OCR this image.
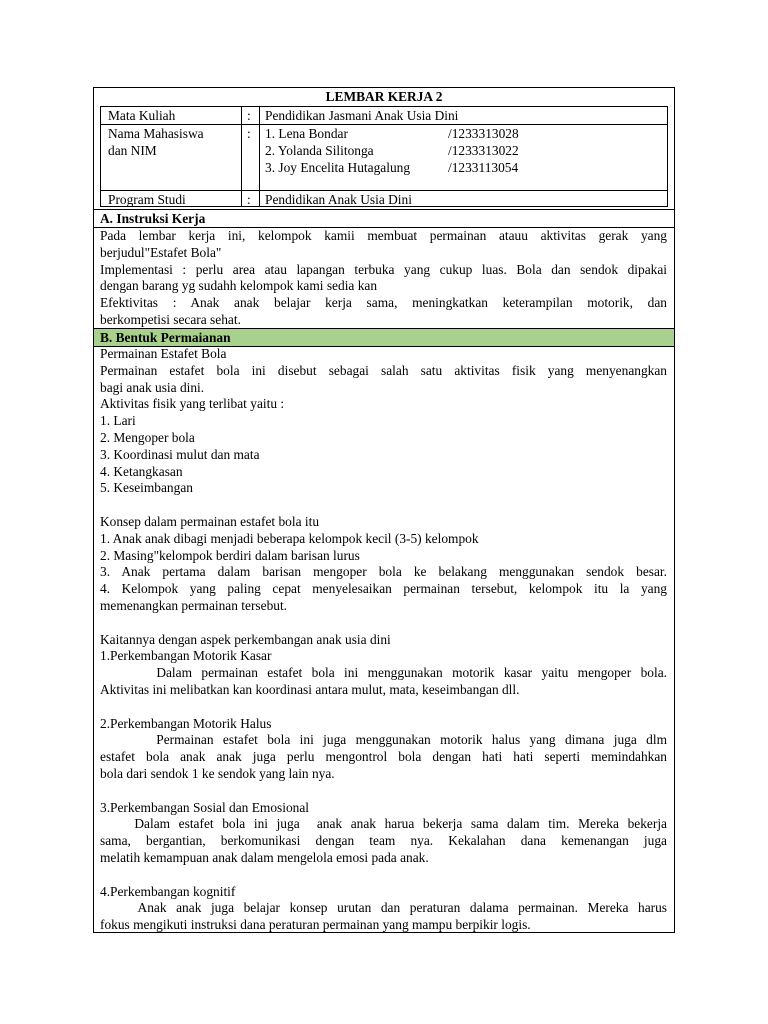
LEMBAR KERJA 2
Mata Kuliah	: Pendidikan Jasmani Anak Usia Dini
Nama Mahasiswa
dan NIM
: 1. Lena Bondar	/1233313028
2. Yolanda Silitonga	/1233313022
3. Joy Encelita Hutagalung	/1233113054
Program Studi	: Pendidikan Anak Usia Dini
A. Instruksi Kerja
Pada lembar kerja ini, kelompok kamii membuat permainan atauu aktivitas gerak yang
berjudul"Estafet Bola"
Implementasi : perlu area atau lapangan terbuka yang cukup luas. Bola dan sendok dipakai
dengan barang yg sudahh kelompok kami sedia kan
Efektivitas : Anak anak belajar kerja sama, meningkatkan keterampilan motorik, dan
berkompetisi secara sehat.
B. Bentuk Permaianan
Permainan Estafet Bola
Permainan estafet bola ini disebut sebagai salah satu aktivitas fisik yang menyenangkan
bagi anak usia dini.
Aktivitas fisik yang terlibat yaitu :
1. Lari
2. Mengoper bola
3. Koordinasi mulut dan mata
4. Ketangkasan
5. Keseimbangan
Konsep dalam permainan estafet bola itu
1. Anak anak dibagi menjadi beberapa kelompok kecil (3-5) kelompok
2. Masing"kelompok berdiri dalam barisan lurus
3. Anak pertama dalam barisan mengoper bola ke belakang menggunakan sendok besar.
4. Kelompok yang paling cepat menyelesaikan permainan tersebut, kelompok itu la yang
memenangkan permainan tersebut.
Kaitannya dengan aspek perkembangan anak usia dini
1.Perkembangan Motorik Kasar
Dalam permainan estafet bola ini menggunakan motorik kasar yaitu mengoper bola.
Aktivitas ini melibatkan kan koordinasi antara mulut, mata, keseimbangan dll.
2.Perkembangan Motorik Halus
Permainan estafet bola ini juga menggunakan motorik halus yang dimana juga dlm
estafet bola anak anak juga perlu mengontrol bola dengan hati hati seperti memindahkan
bola dari sendok 1 ke sendok yang lain nya.
3.Perkembangan Sosial dan Emosional
Dalam estafet bola ini juga  anak anak harua bekerja sama dalam tim. Mereka bekerja
sama, bergantian, berkomunikasi dengan team nya. Kekalahan dana kemenangan juga
melatih kemampuan anak dalam mengelola emosi pada anak.
4.Perkembangan kognitif
Anak anak juga belajar konsep urutan dan peraturan dalama permainan. Mereka harus
fokus mengikuti instruksi dana peraturan permainan yang mampu berpikir logis.
